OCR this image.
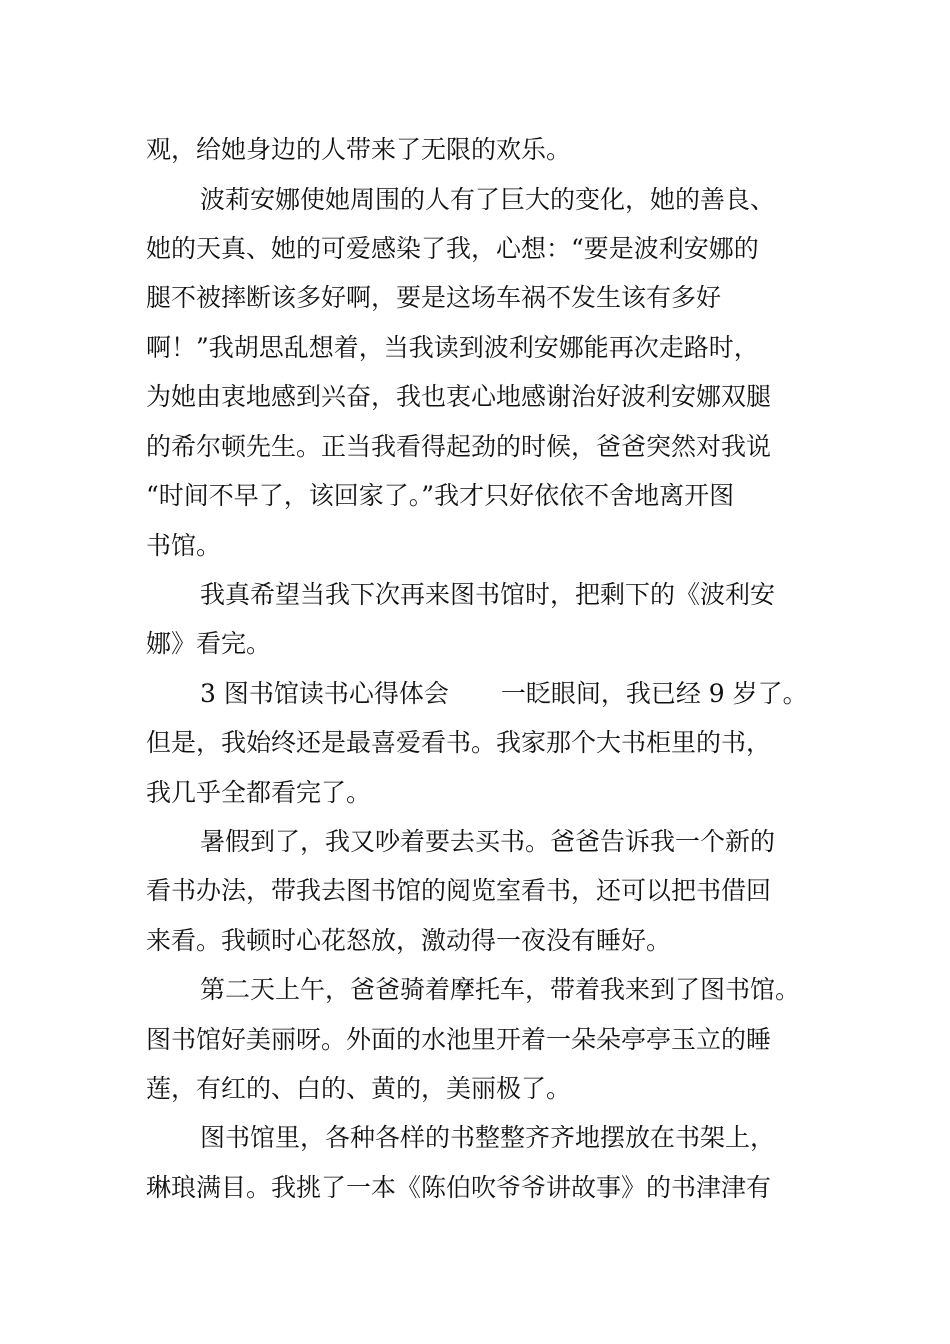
观，给她身边的人带来了无限的欢乐。
波莉安娜使她周围的人有了巨大的变化，她的善良、
她的天真、她的可爱感染了我，心想：“要是波利安娜的
腿不被摔断该多好啊，要是这场车祸不发生该有多好
啊！”我胡思乱想着，当我读到波利安娜能再次走路时，
为她由衷地感到兴奋，我也衷心地感谢治好波利安娜双腿
的希尔顿先生。正当我看得起劲的时候，爸爸突然对我说
“时间不早了，该回家了。”我才只好依依不舍地离开图
书馆。
我真希望当我下次再来图书馆时，把剩下的《波利安
娜》看完。
3 图书馆读书心得体会 一眨眼间，我已经 9 岁了。
但是，我始终还是最喜爱看书。我家那个大书柜里的书，
我几乎全都看完了。
暑假到了，我又吵着要去买书。爸爸告诉我一个新的
看书办法，带我去图书馆的阅览室看书，还可以把书借回
来看。我顿时心花怒放，激动得一夜没有睡好。
第二天上午，爸爸骑着摩托车，带着我来到了图书馆。
图书馆好美丽呀。外面的水池里开着一朵朵亭亭玉立的睡
莲，有红的、白的、黄的，美丽极了。
图书馆里，各种各样的书整整齐齐地摆放在书架上，
琳琅满目。我挑了一本《陈伯吹爷爷讲故事》的书津津有
